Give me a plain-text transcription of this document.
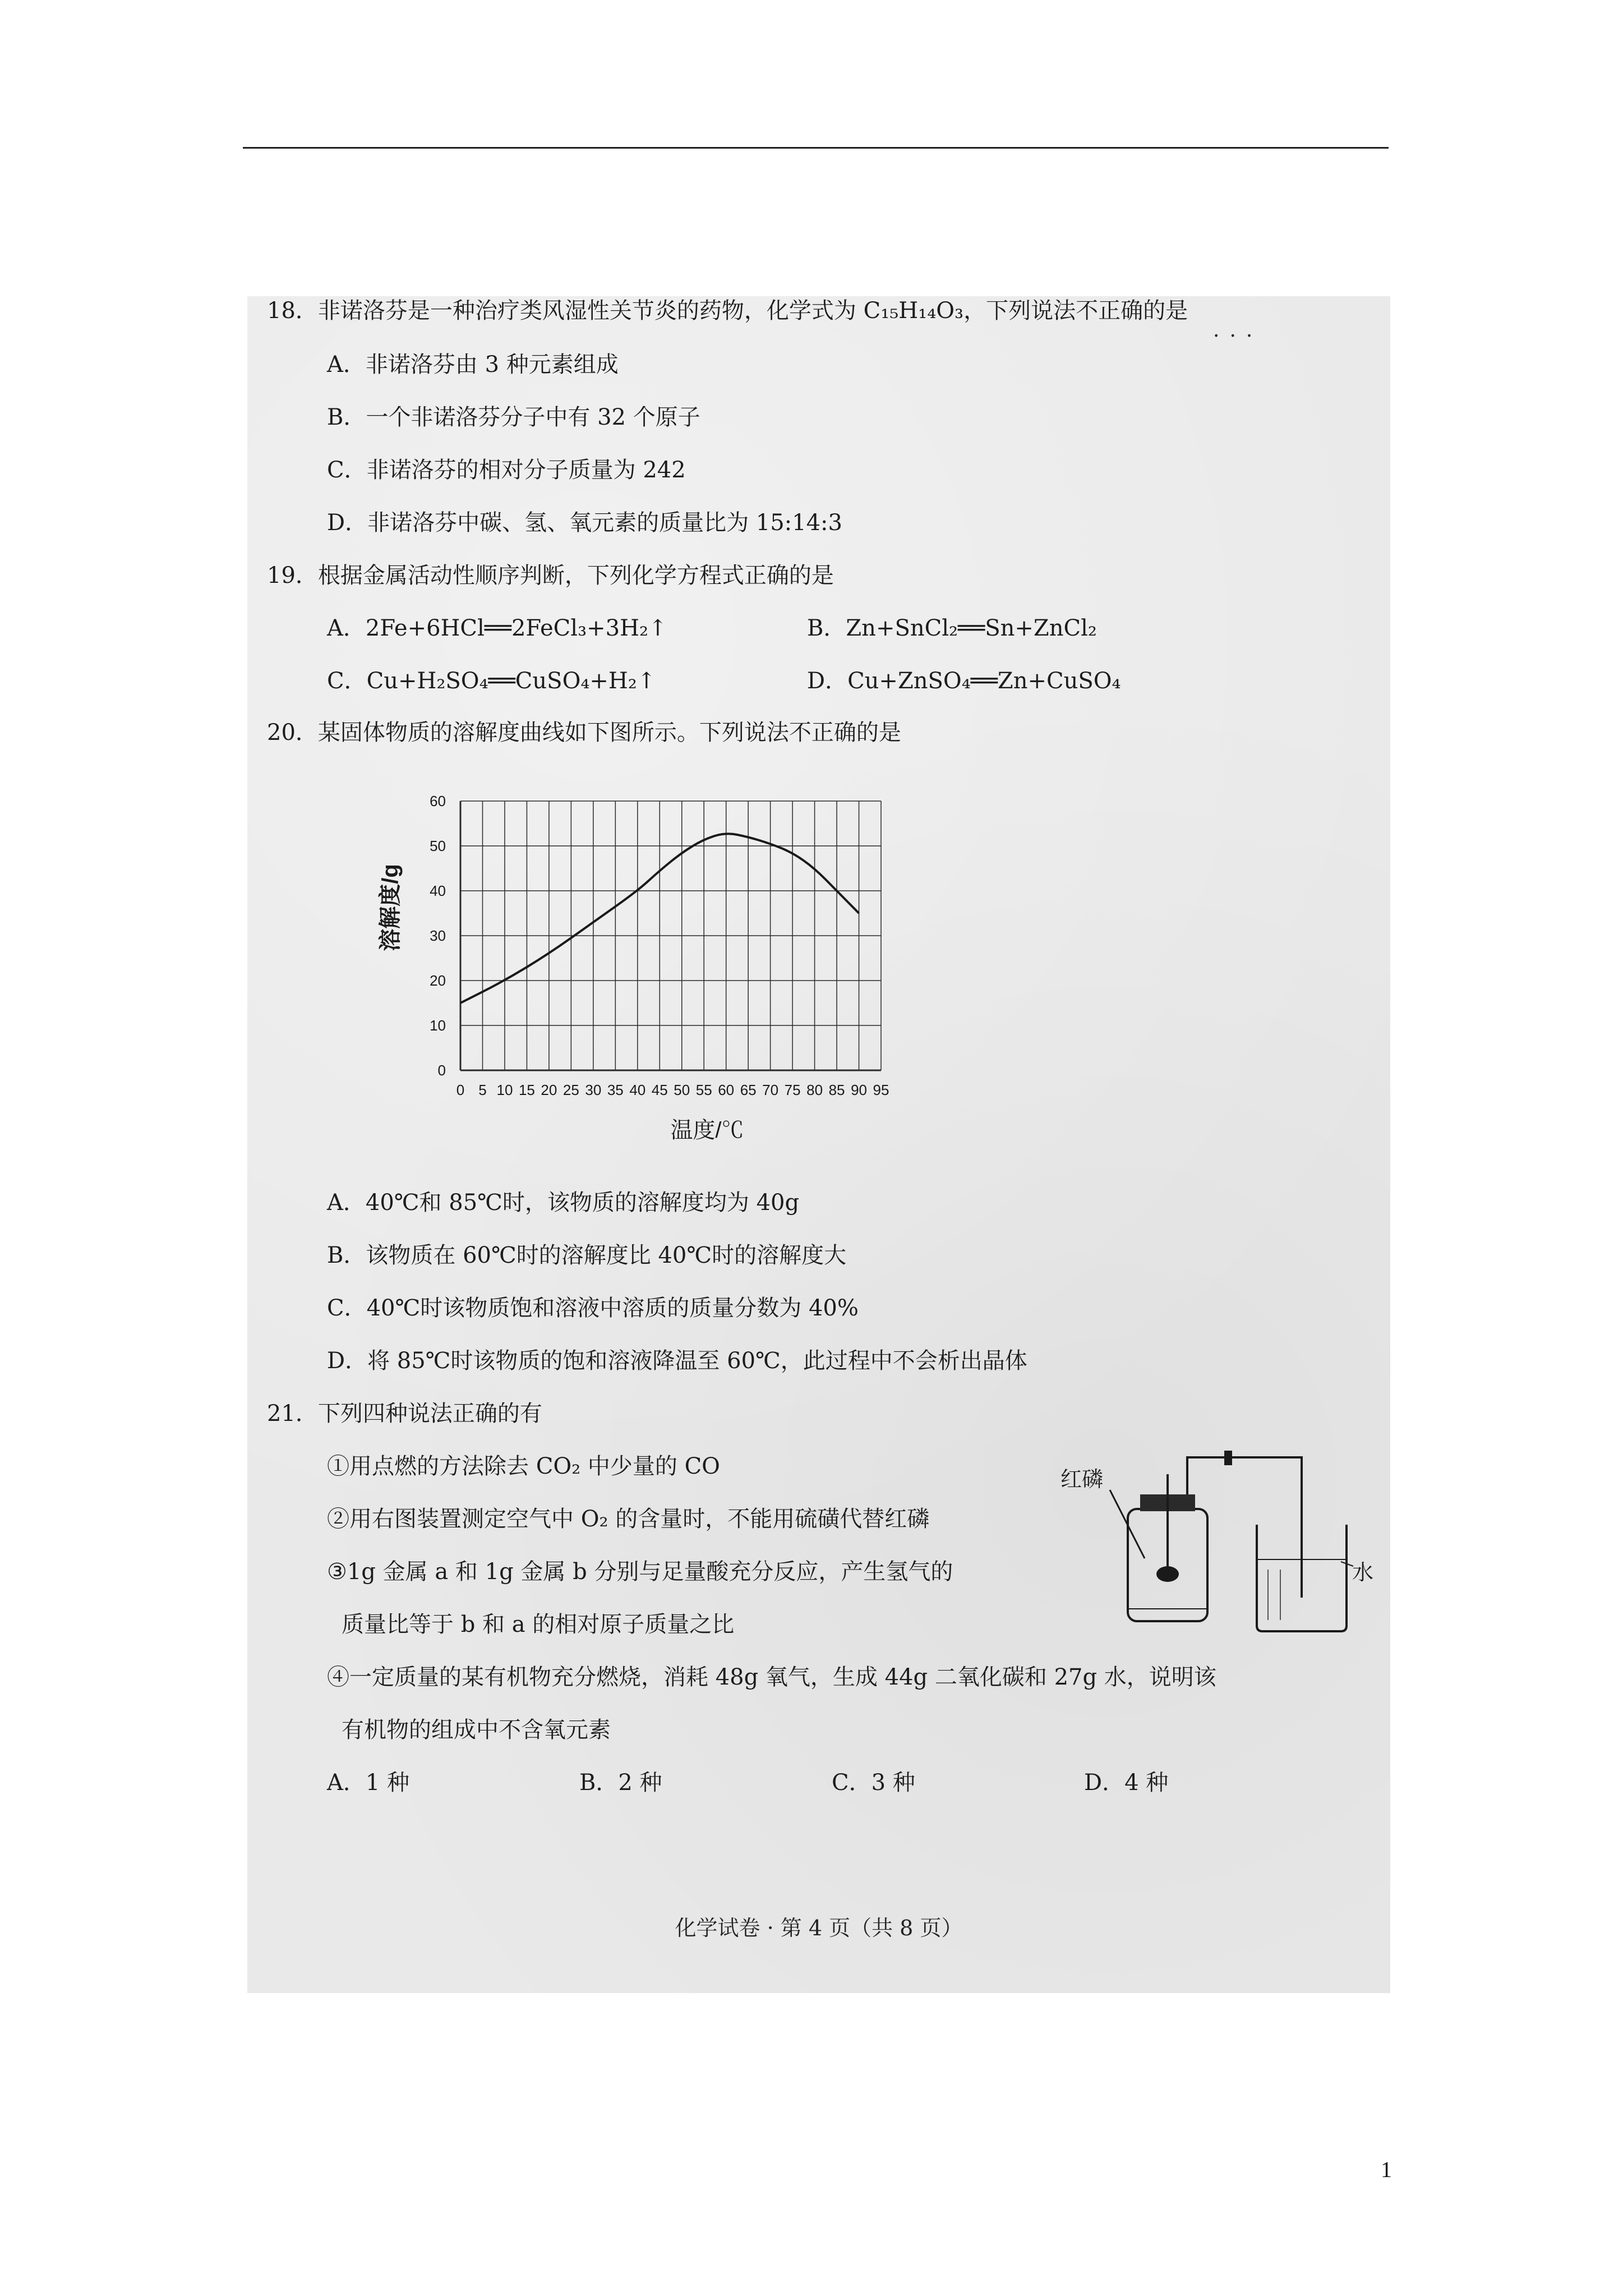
18．非诺洛芬是一种治疗类风湿性关节炎的药物，化学式为 C₁₅H₁₄O₃，下列说法不正确的是
···
A．非诺洛芬由 3 种元素组成
B．一个非诺洛芬分子中有 32 个原子
C．非诺洛芬的相对分子质量为 242
D．非诺洛芬中碳、氢、氧元素的质量比为 15:14:3
19．根据金属活动性顺序判断，下列化学方程式正确的是
A．2Fe+6HCl══2FeCl₃+3H₂↑	B．Zn+SnCl₂══Sn+ZnCl₂
C．Cu+H₂SO₄══CuSO₄+H₂↑	D．Cu+ZnSO₄══Zn+CuSO₄
20．某固体物质的溶解度曲线如下图所示。下列说法不正确的是
0 5 10 15 20 25 30 35 40 45 50 55 60 65 70 75 80 85 90 95
0
10
20
30
40
50
60
溶解度/g
温度/℃
A．40℃和 85℃时，该物质的溶解度均为 40g
B．该物质在 60℃时的溶解度比 40℃时的溶解度大
C．40℃时该物质饱和溶液中溶质的质量分数为 40%
D．将 85℃时该物质的饱和溶液降温至 60℃，此过程中不会析出晶体
21．下列四种说法正确的有
①用点燃的方法除去 CO₂ 中少量的 CO
②用右图装置测定空气中 O₂ 的含量时，不能用硫磺代替红磷
③1g 金属 a 和 1g 金属 b 分别与足量酸充分反应，产生氢气的
质量比等于 b 和 a 的相对原子质量之比
④一定质量的某有机物充分燃烧，消耗 48g 氧气，生成 44g 二氧化碳和 27g 水，说明该
有机物的组成中不含氧元素
红磷
水
A．1 种	B．2 种	C．3 种	D．4 种
化学试卷 · 第 4 页（共 8 页）
1
